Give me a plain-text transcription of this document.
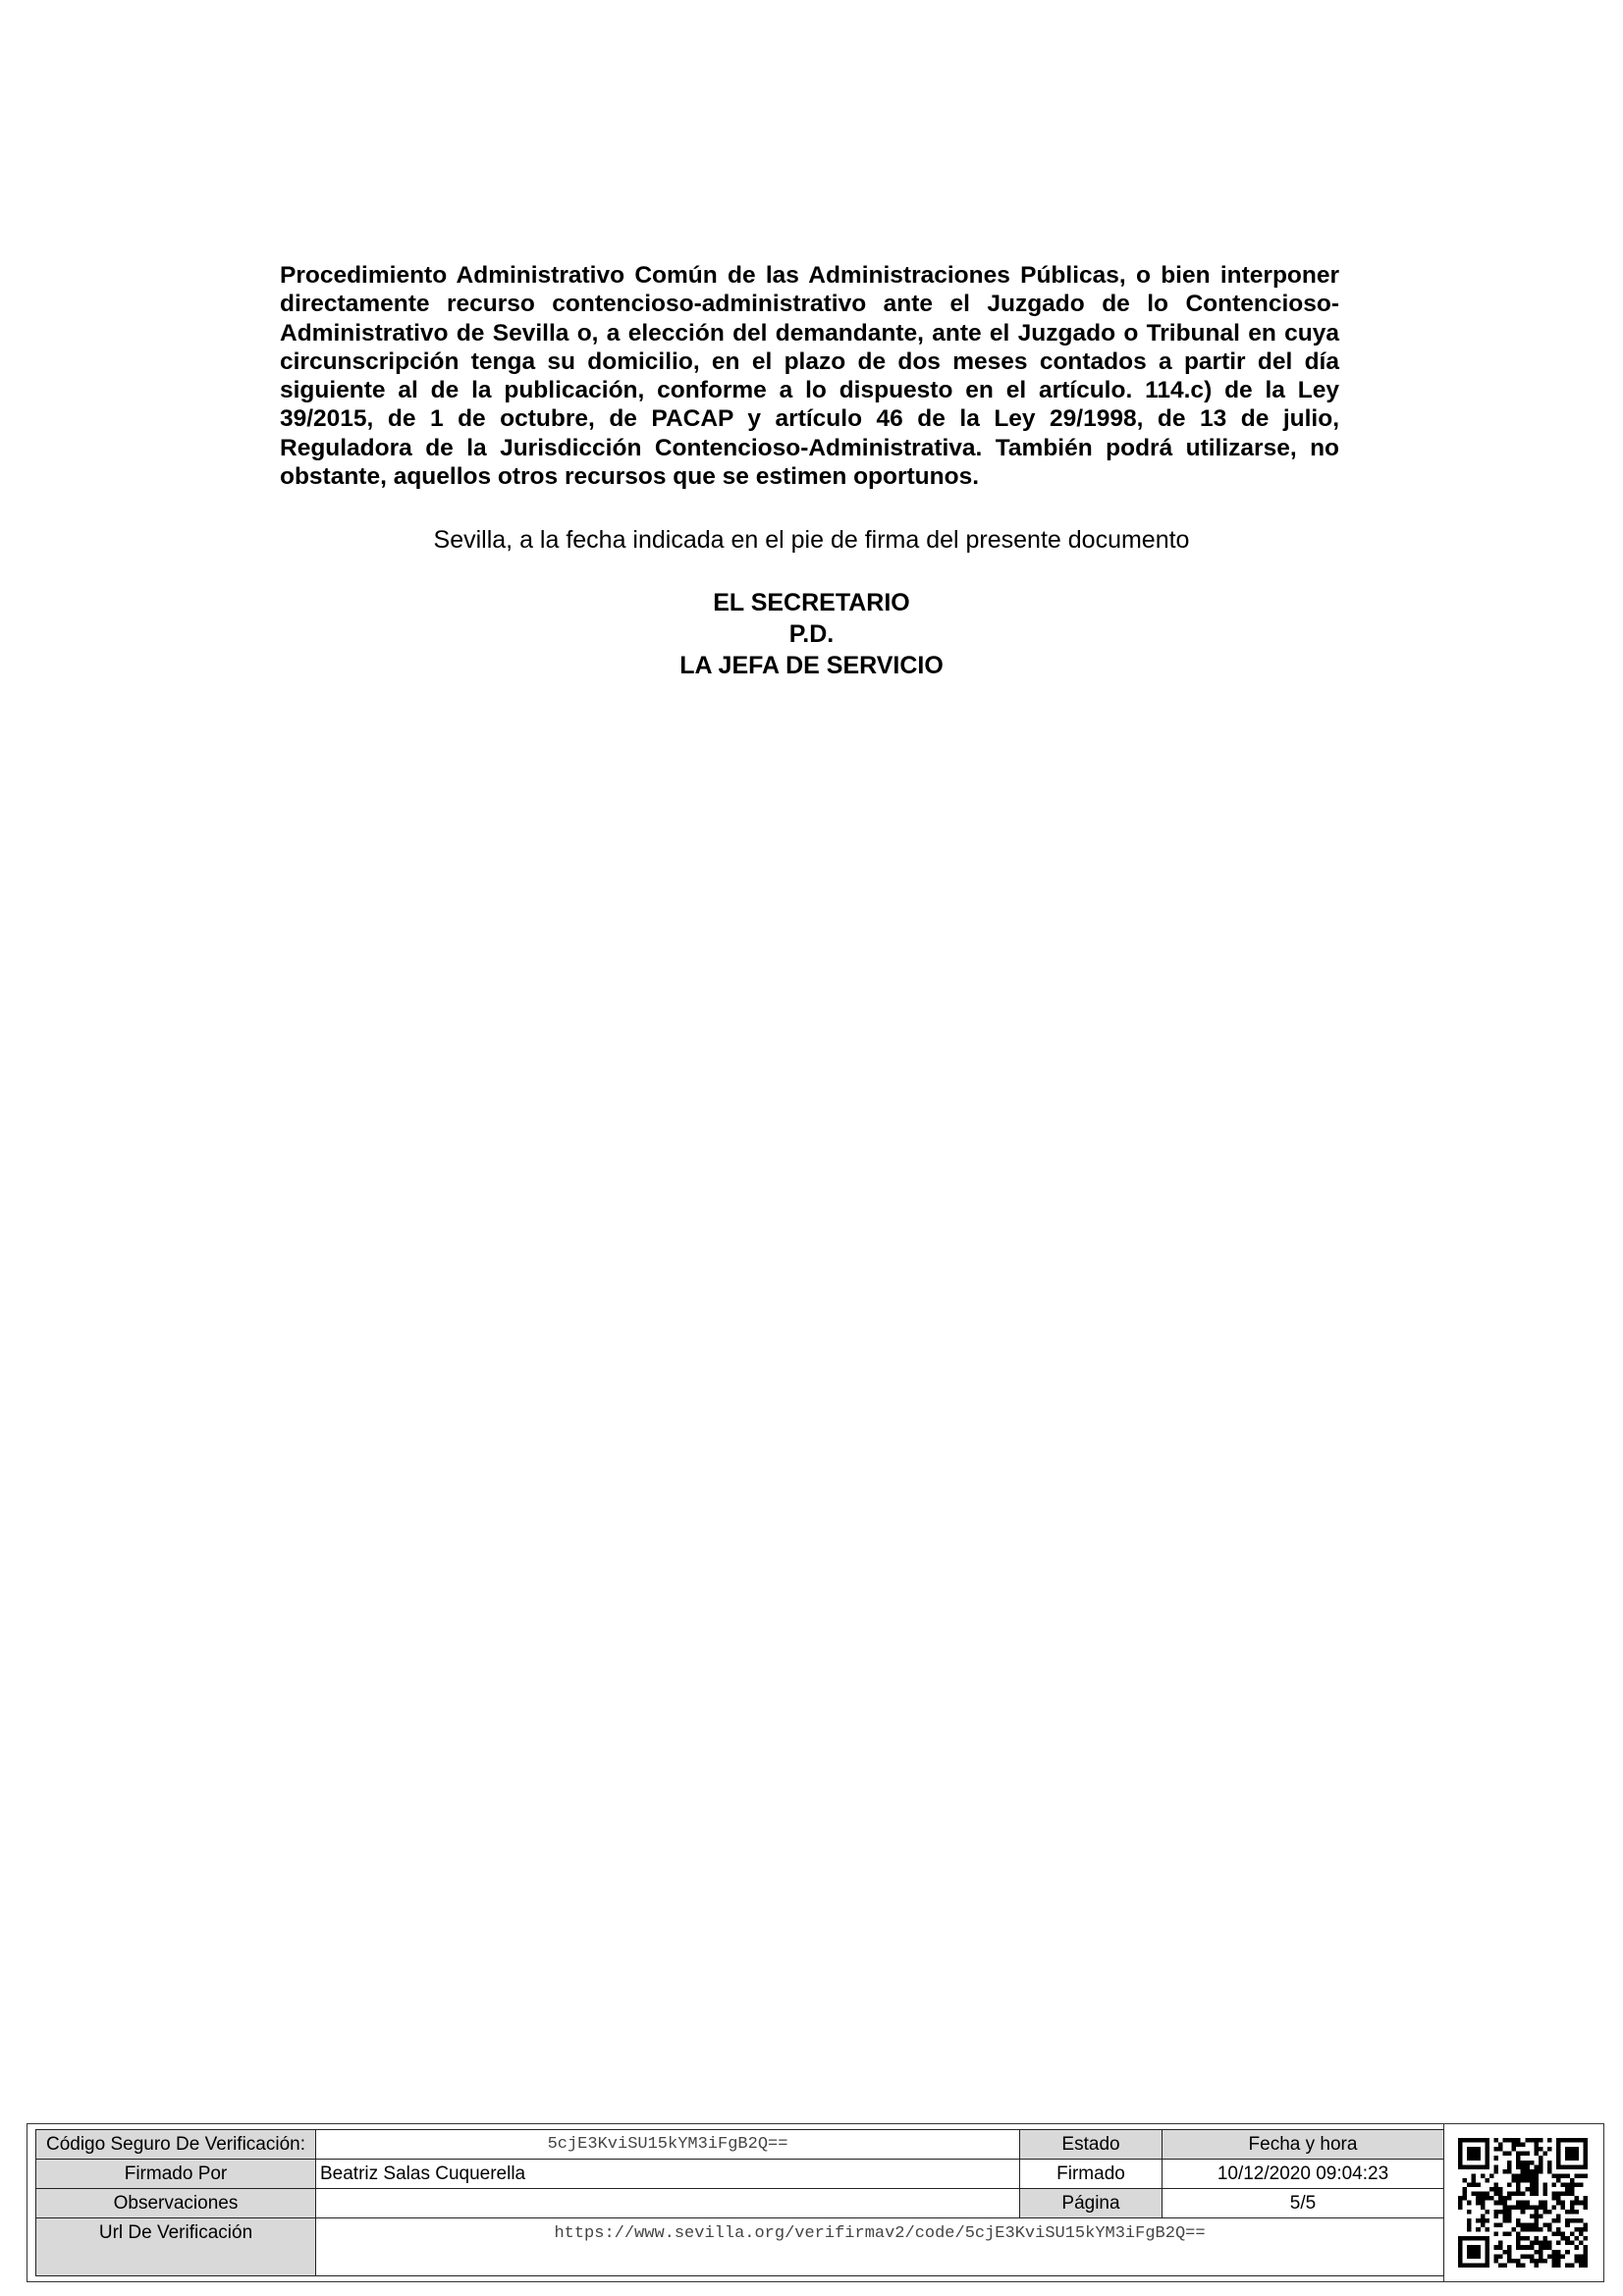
Procedimiento Administrativo Común de las Administraciones Públicas, o bien interponer directamente recurso contencioso-administrativo ante el Juzgado de lo Contencioso-Administrativo de Sevilla o, a elección del demandante, ante el Juzgado o Tribunal en cuya circunscripción tenga su domicilio, en el plazo de dos meses contados a partir del día siguiente al de la publicación, conforme a lo dispuesto en el artículo. 114.c) de la Ley 39/2015, de 1 de octubre, de PACAP y artículo 46 de la Ley 29/1998, de 13 de julio, Reguladora de la Jurisdicción Contencioso-Administrativa. También podrá utilizarse, no obstante, aquellos otros recursos que se estimen oportunos.
Sevilla, a la fecha indicada en el pie de firma del presente documento
EL SECRETARIO
P.D.
LA JEFA DE SERVICIO
Código Seguro De Verificación:	5cjE3KviSU15kYM3iFgB2Q==	Estado	Fecha y hora
Firmado Por	Beatriz Salas Cuquerella	Firmado	10/12/2020 09:04:23
Observaciones		Página	5/5
Url De Verificación	https://www.sevilla.org/verifirmav2/code/5cjE3KviSU15kYM3iFgB2Q==		
